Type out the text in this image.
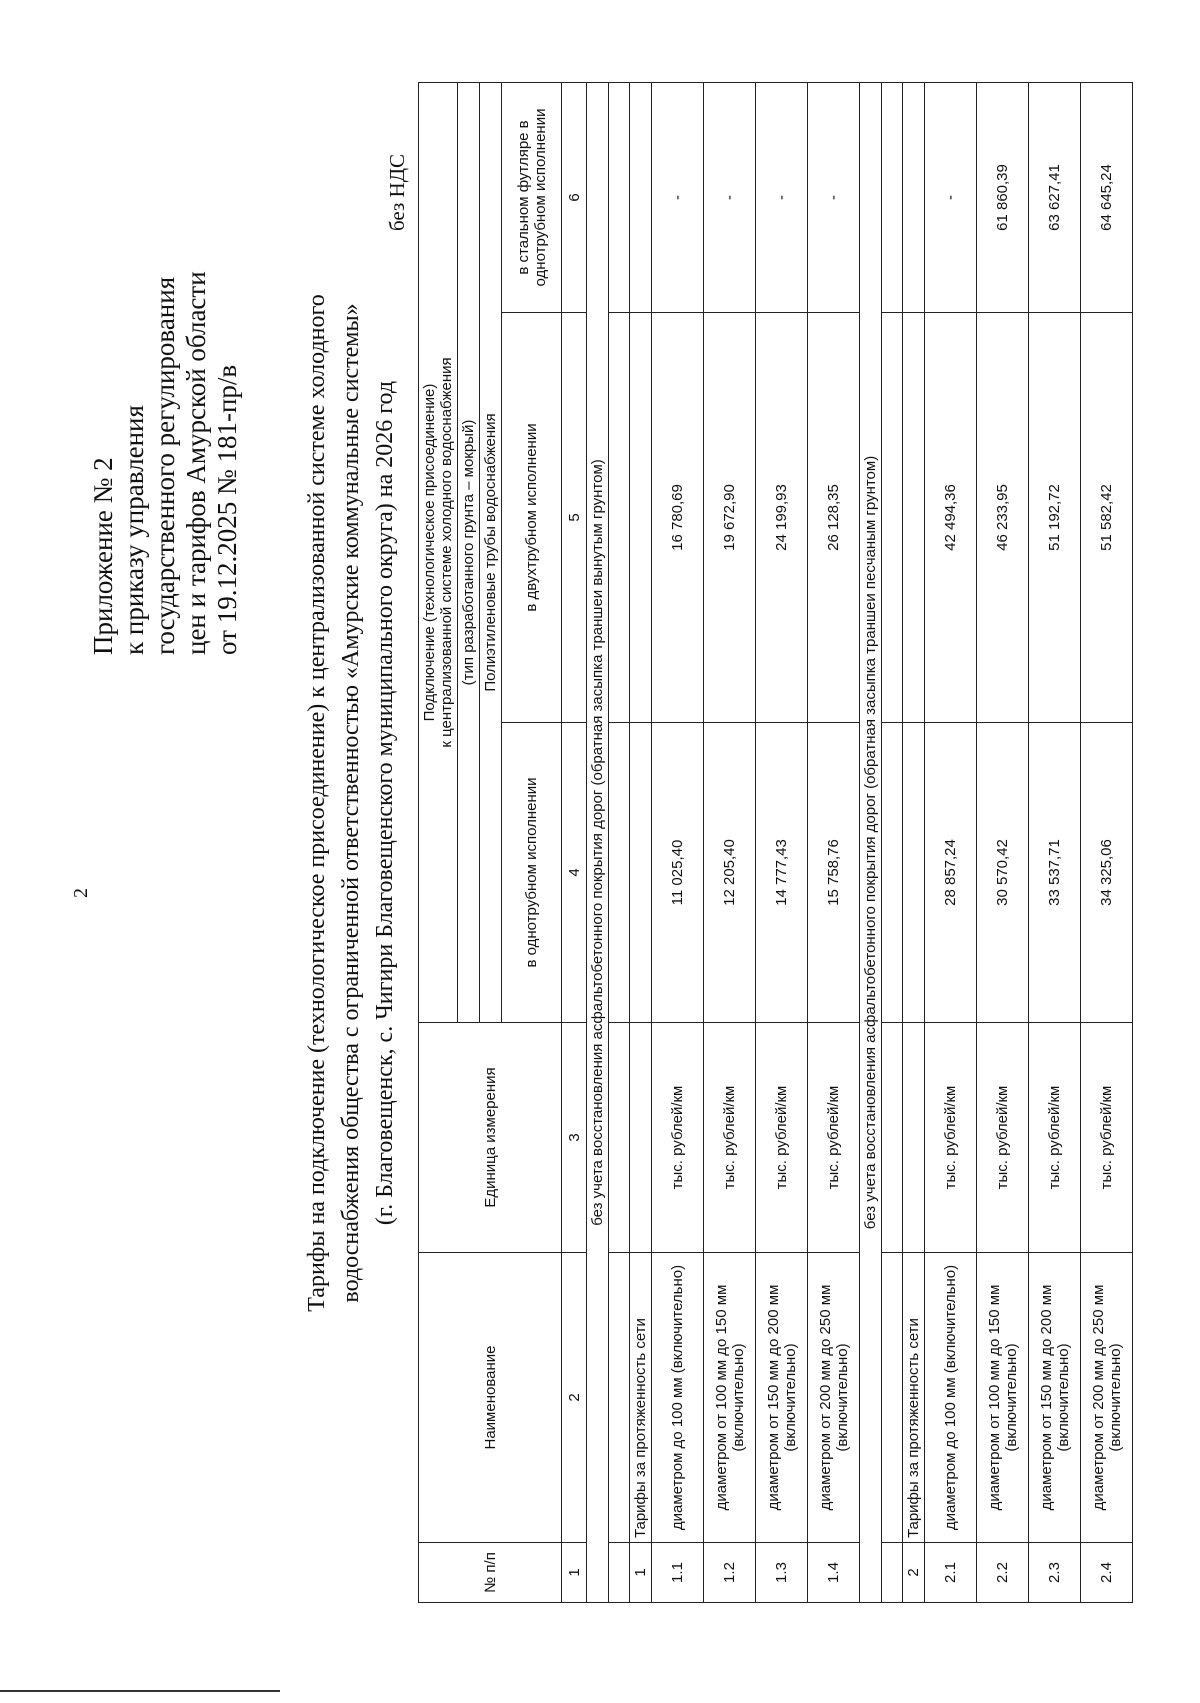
2
Приложение № 2 к приказу управления государственного регулирования цен и тарифов Амурской области от 19.12.2025 № 181-пр/в	Тарифы на подключение (технологическое присоединение) к централизованной системе холодного водоснабжения общества с ограниченной ответственностью «Амурские коммунальные системы» (г. Благовещенск, с. Чигири Благовещенского муниципального округа) на 2026 год
без НДС
№ п/п	Наименование	Единица измерения	Подключение (технологическое присоединение) к централизованной системе холодного водоснабжения		

			(тип разработанного грунта – мокрый)		
			Полиэтиленовые трубы водоснабжения		
			в однотрубном исполнении	в двухтрубном исполнении	в стальном футляре в однотрубном исполнении
1	2	3	4	5	6
без учета восстановления асфальтобетонного покрытия дорог (обратная засыпка траншеи вынутым грунтом)					

1	Тарифы за протяженность сети				
1.1	диаметром до 100 мм (включительно)	тыс. рублей/км	11 025,40	16 780,69	-
1.2	диаметром от 100 мм до 150 мм (включительно)	тыс. рублей/км	12 205,40	19 672,90	-
1.3	диаметром от 150 мм до 200 мм (включительно)	тыс. рублей/км	14 777,43	24 199,93	-
1.4	диаметром от 200 мм до 250 мм (включительно)	тыс. рублей/км	15 758,76	26 128,35	-
без учета восстановления асфальтобетонного покрытия дорог (обратная засыпка траншеи песчаным грунтом)					

2	Тарифы за протяженность сети				
2.1	диаметром до 100 мм (включительно)	тыс. рублей/км	28 857,24	42 494,36	-
2.2	диаметром от 100 мм до 150 мм (включительно)	тыс. рублей/км	30 570,42	46 233,95	61 860,39
2.3	диаметром от 150 мм до 200 мм (включительно)	тыс. рублей/км	33 537,71	51 192,72	63 627,41
2.4	диаметром от 200 мм до 250 мм (включительно)	тыс. рублей/км	34 325,06	51 582,42	64 645,24
